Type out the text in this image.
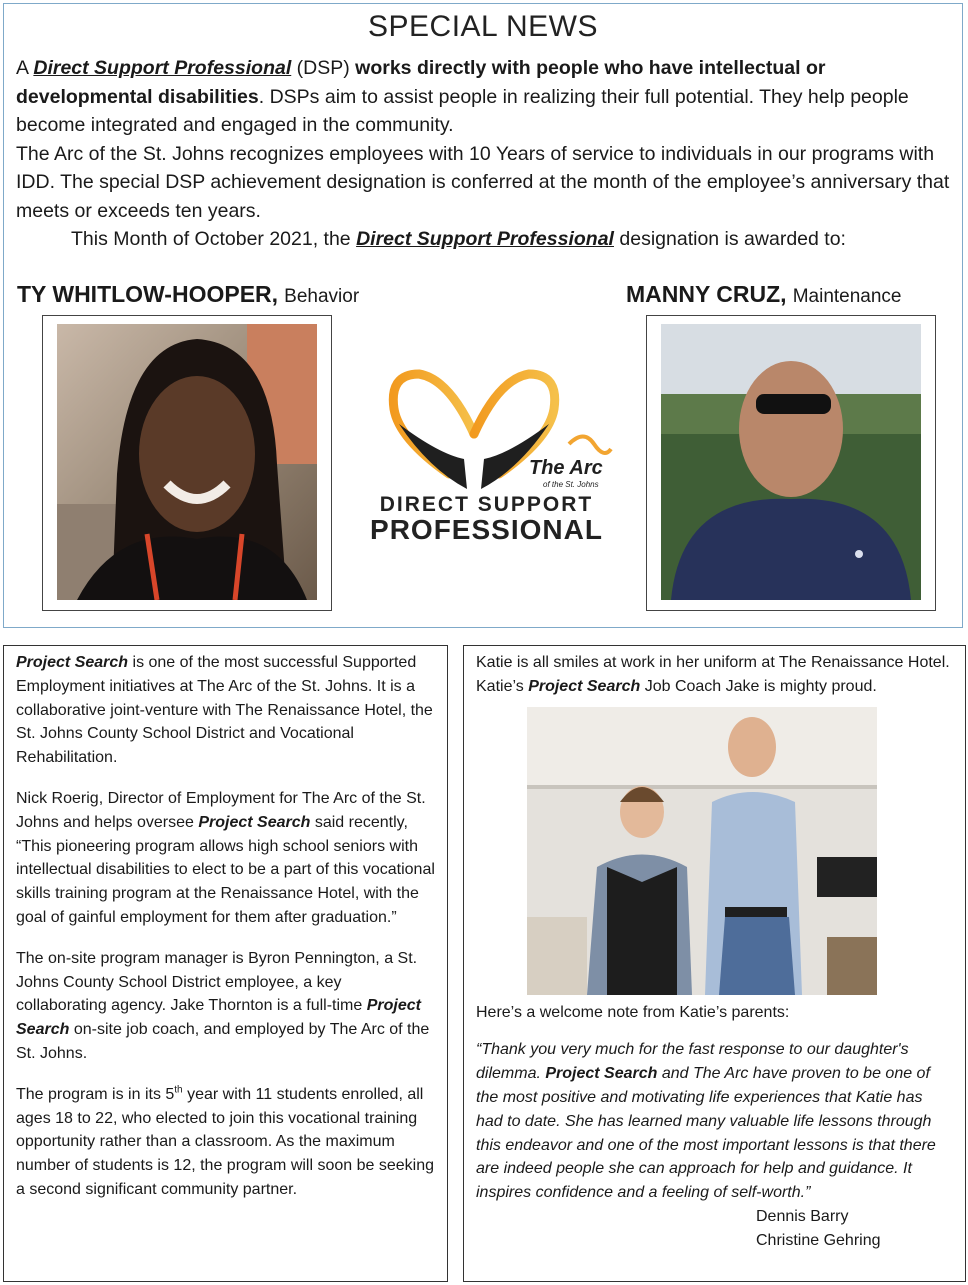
SPECIAL NEWS

A Direct Support Professional (DSP) works directly with people who have intellectual or developmental disabilities. DSPs aim to assist people in realizing their full potential. They help people become integrated and engaged in the community.

The Arc of the St. Johns recognizes employees with 10 Years of service to individuals in our programs with IDD. The special DSP achievement designation is conferred at the month of the employee’s anniversary that meets or exceeds ten years.

This Month of October 2021, the Direct Support Professional designation is awarded to:

TY WHITLOW-HOOPER, Behavior	MANNY CRUZ, Maintenance
The Arc
of the St. Johns
DIRECT SUPPORT
PROFESSIONAL

Project Search is one of the most successful Supported Employment initiatives at The Arc of the St. Johns. It is a collaborative joint-venture with The Renaissance Hotel, the St. Johns County School District and Vocational Rehabilitation.

Nick Roerig, Director of Employment for The Arc of the St. Johns and helps oversee Project Search said recently, “This pioneering program allows high school seniors with intellectual disabilities to elect to be a part of this vocational skills training program at the Renaissance Hotel, with the goal of gainful employment for them after graduation.”

The on-site program manager is Byron Pennington, a St. Johns County School District employee, a key collaborating agency. Jake Thornton is a full-time Project Search on-site job coach, and employed by The Arc of the St. Johns.

The program is in its 5th year with 11 students enrolled, all ages 18 to 22, who elected to join this vocational training opportunity rather than a classroom. As the maximum number of students is 12, the program will soon be seeking a second significant community partner.

Katie is all smiles at work in her uniform at The Renaissance Hotel. Katie’s Project Search Job Coach Jake is mighty proud.

Here’s a welcome note from Katie’s parents:

“Thank you very much for the fast response to our daughter's dilemma. Project Search and The Arc have proven to be one of the most positive and motivating life experiences that Katie has had to date. She has learned many valuable life lessons through this endeavor and one of the most important lessons is that there are indeed people she can approach for help and guidance. It inspires confidence and a feeling of self-worth.”

Dennis Barry
Christine Gehring
